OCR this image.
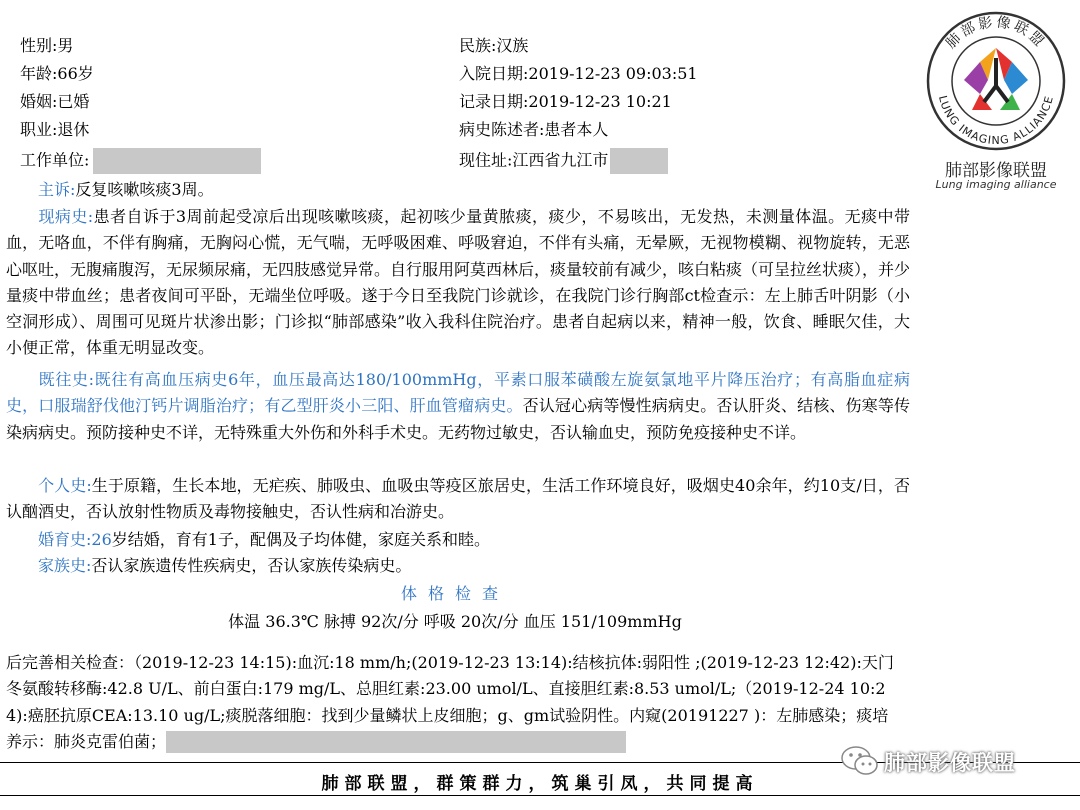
性别:男
年龄:66岁
婚姻:已婚
职业:退休
工作单位:
民族:汉族
入院日期:2019-12-23 09:03:51
记录日期:2019-12-23 10:21
病史陈述者:患者本人
现住址:江西省九江市
肺部影像联盟
LUNG IMAGING ALLIANCE
肺部影像联盟
Lung imaging alliance
主诉:反复咳嗽咳痰3周。
现病史:患者自诉于3周前起受凉后出现咳嗽咳痰，起初咳少量黄脓痰，痰少，不易咳出，无发热，未测量体温。无痰中带血，无咯血，不伴有胸痛，无胸闷心慌，无气喘，无呼吸困难、呼吸窘迫，不伴有头痛，无晕厥，无视物模糊、视物旋转，无恶心呕吐，无腹痛腹泻，无尿频尿痛，无四肢感觉异常。自行服用阿莫西林后，痰量较前有减少，咳白粘痰（可呈拉丝状痰），并少量痰中带血丝；患者夜间可平卧，无端坐位呼吸。遂于今日至我院门诊就诊，在我院门诊行胸部ct检查示：左上肺舌叶阴影（小空洞形成）、周围可见斑片状渗出影；门诊拟“肺部感染”收入我科住院治疗。患者自起病以来，精神一般，饮食、睡眠欠佳，大小便正常，体重无明显改变。
既往史:既往有高血压病史6年，血压最高达180/100mmHg，平素口服苯磺酸左旋氨氯地平片降压治疗；有高脂血症病史，口服瑞舒伐他汀钙片调脂治疗；有乙型肝炎小三阳、肝血管瘤病史。否认冠心病等慢性病病史。否认肝炎、结核、伤寒等传染病病史。预防接种史不详，无特殊重大外伤和外科手术史。无药物过敏史，否认输血史，预防免疫接种史不详。
个人史:生于原籍，生长本地，无疟疾、肺吸虫、血吸虫等疫区旅居史，生活工作环境良好，吸烟史40余年，约10支/日，否认酗酒史，否认放射性物质及毒物接触史，否认性病和冶游史。
婚育史:26岁结婚，育有1子，配偶及子均体健，家庭关系和睦。
家族史:否认家族遗传性疾病史，否认家族传染病史。
体格检查
体温 36.3℃ 脉搏 92次/分 呼吸 20次/分 血压 151/109mmHg
后完善相关检查：（2019-12-23 14:15):血沉:18 mm/h;(2019-12-23 13:14):结核抗体:弱阳性 ;(2019-12-23 12:42):天门冬氨酸转移酶:42.8 U/L、前白蛋白:179 mg/L、总胆红素:23.00 umol/L、直接胆红素:8.53 umol/L;（2019-12-24 10:24):癌胚抗原CEA:13.10 ug/L;痰脱落细胞：找到少量鳞状上皮细胞；g、gm试验阴性。内窥(20191227 )：左肺感染；痰培养示：肺炎克雷伯菌；
肺部联盟，群策群力，筑巢引凤，共同提高
肺部影像联盟
